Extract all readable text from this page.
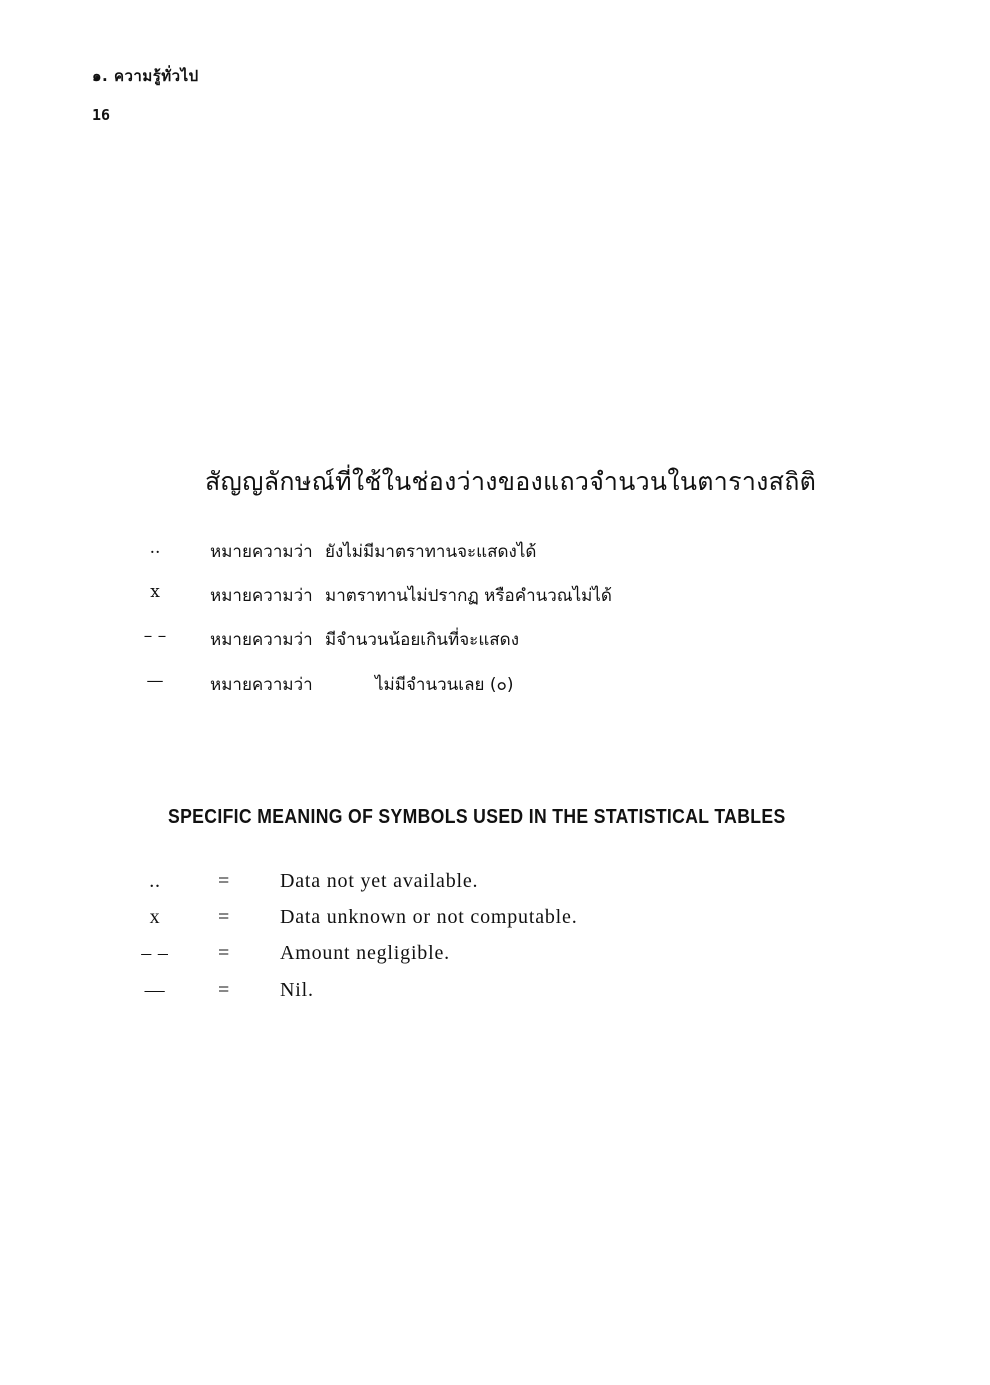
๑. ความรู้ทั่วไป
16
สัญญลักษณ์ที่ใช้ในช่องว่างของแถวจำนวนในตารางสถิติ
..	หมายความว่า ยังไม่มีมาตราทานจะแสดงได้
x	หมายความว่า มาตราทานไม่ปรากฏ หรือคำนวณไม่ได้
– –	หมายความว่า มีจำนวนน้อยเกินที่จะแสดง
—	หมายความว่า	ไม่มีจำนวนเลย (๐)
SPECIFIC MEANING OF SYMBOLS USED IN THE STATISTICAL TABLES
..	= Data not yet available.
x	= Data unknown or not computable.
– –	= Amount negligible.
—	= Nil.
